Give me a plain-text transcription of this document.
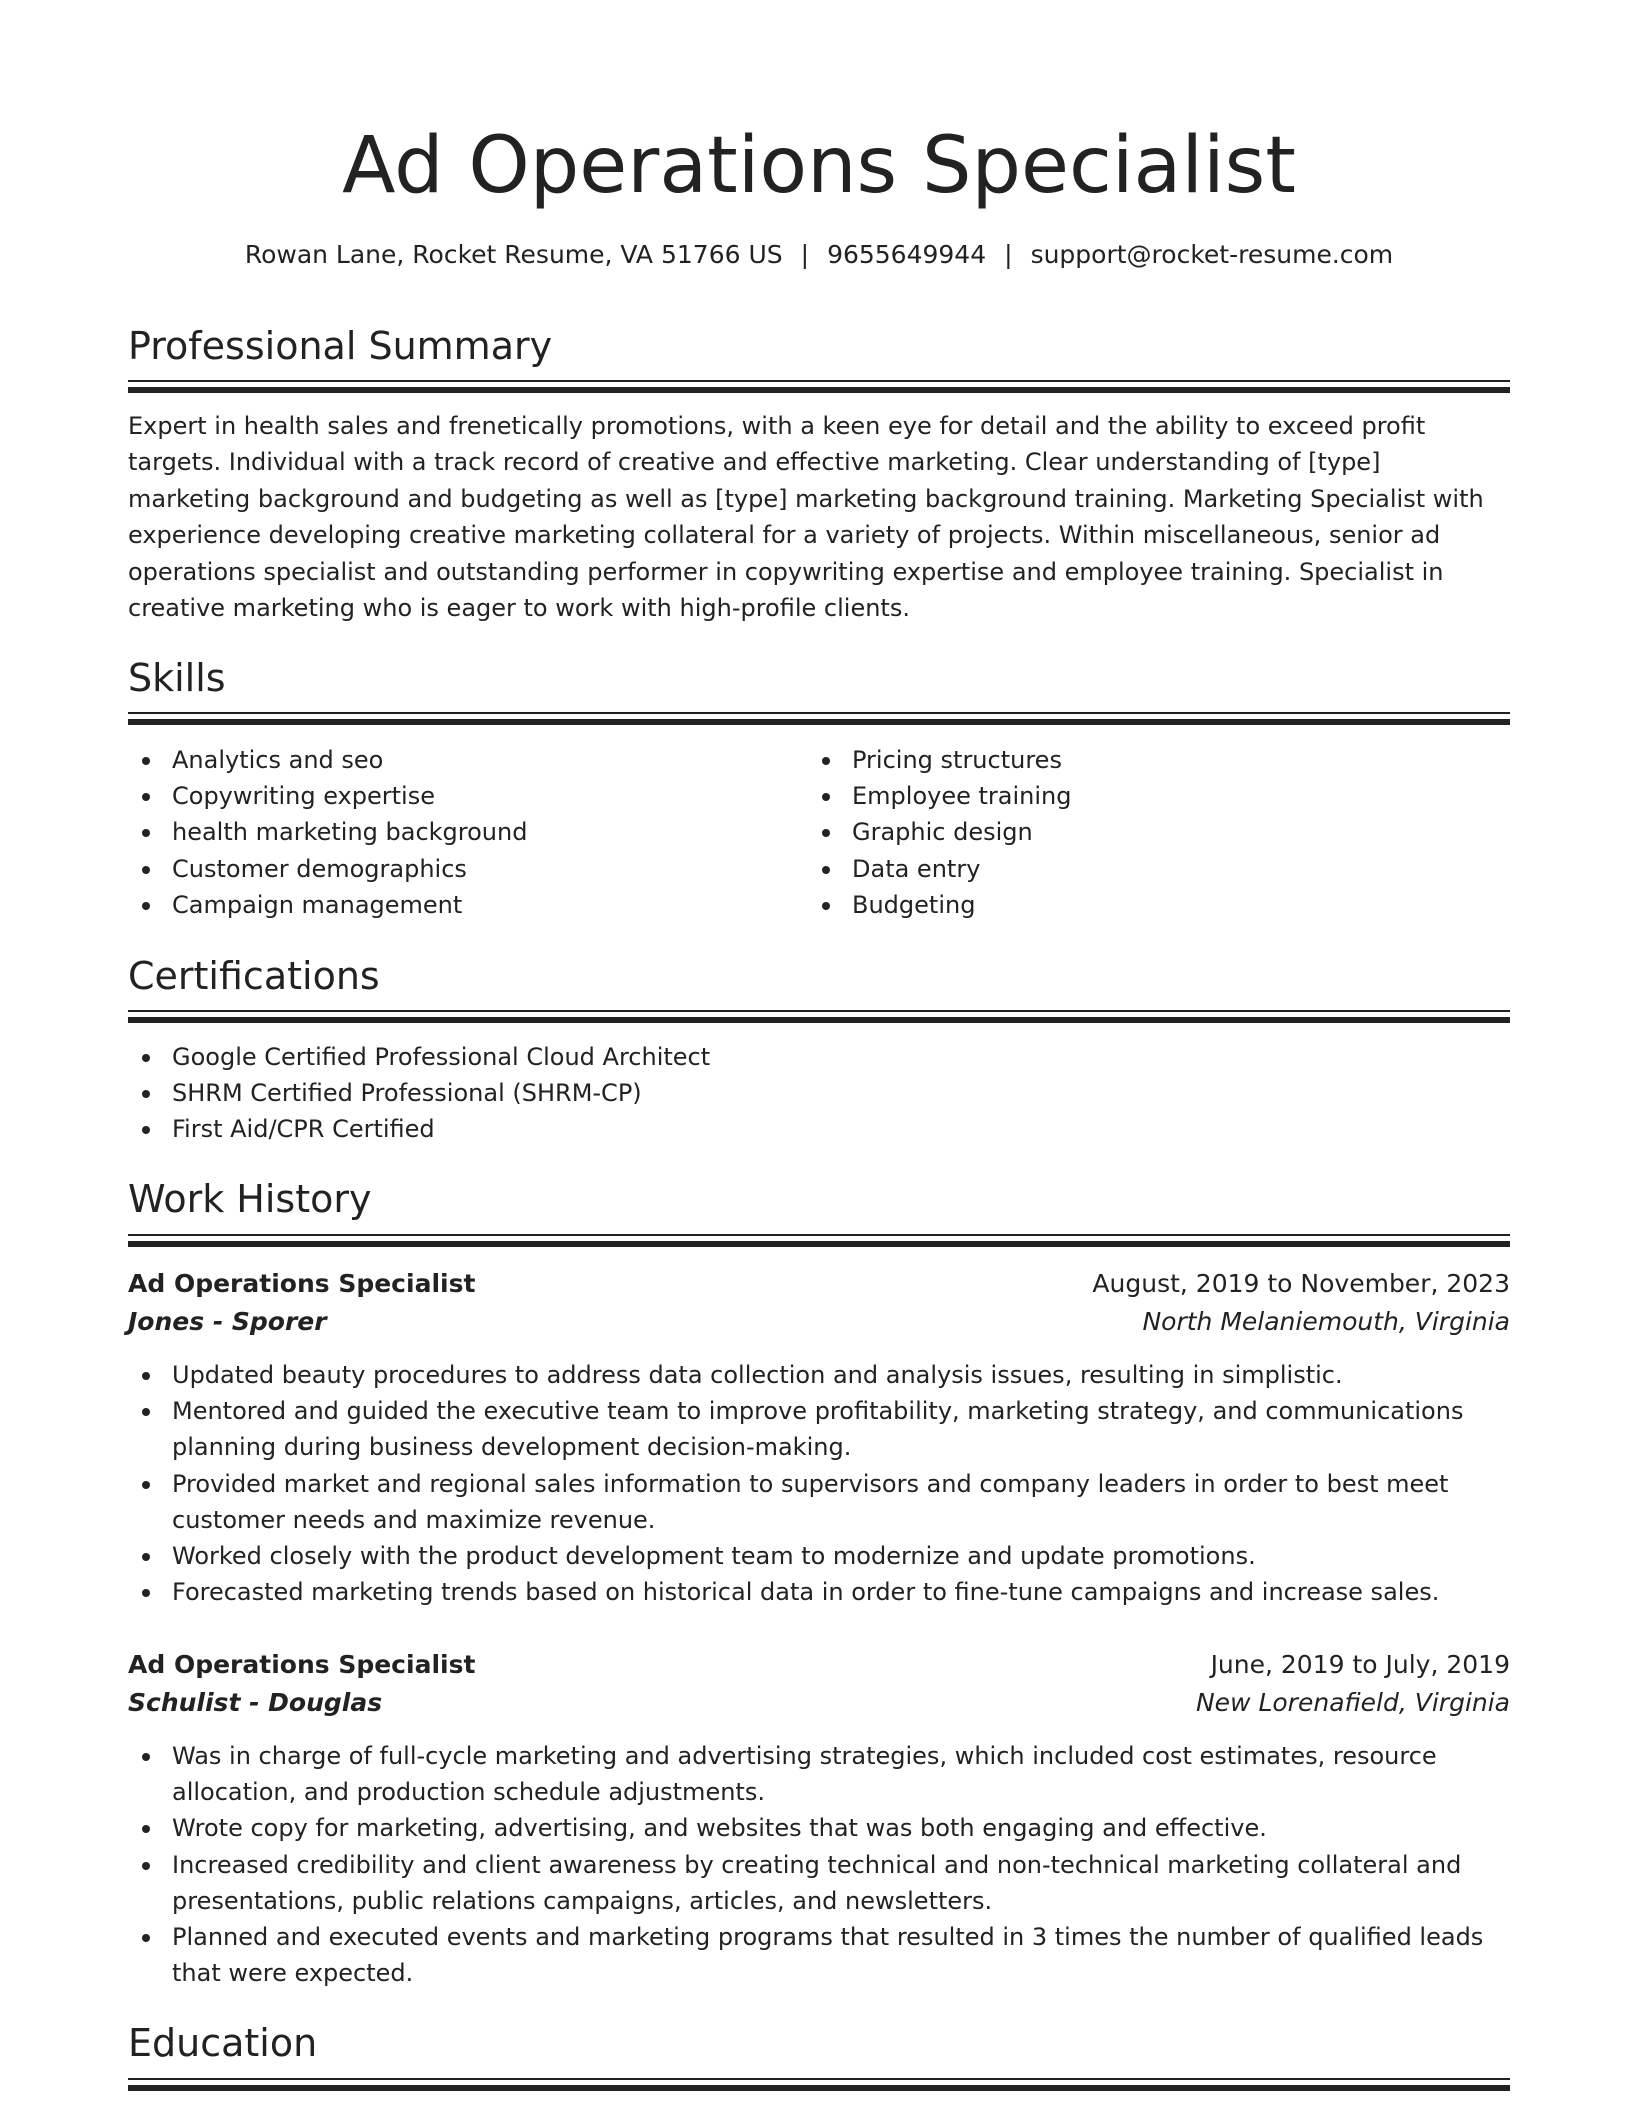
Ad Operations Specialist
Rowan Lane, Rocket Resume, VA 51766 US | 9655649944 | support@rocket-resume.com
Professional Summary

Expert in health sales and frenetically promotions, with a keen eye for detail and the ability to exceed profit targets. Individual with a track record of creative and effective marketing. Clear understanding of [type] marketing background and budgeting as well as [type] marketing background training. Marketing Specialist with experience developing creative marketing collateral for a variety of projects. Within miscellaneous, senior ad operations specialist and outstanding performer in copywriting expertise and employee training. Specialist in creative marketing who is eager to work with high-profile clients.

Skills
Analytics and seo
Copywriting expertise
health marketing background
Customer demographics
Campaign management
Pricing structures
Employee training
Graphic design
Data entry
Budgeting
Certifications
Google Certified Professional Cloud Architect
SHRM Certified Professional (SHRM-CP)
First Aid/CPR Certified
Work History
Ad Operations Specialist	August, 2019 to November, 2023
Jones - Sporer	North Melaniemouth, Virginia
Updated beauty procedures to address data collection and analysis issues, resulting in simplistic.
Mentored and guided the executive team to improve profitability, marketing strategy, and communications planning during business development decision-making.
Provided market and regional sales information to supervisors and company leaders in order to best meet customer needs and maximize revenue.
Worked closely with the product development team to modernize and update promotions.
Forecasted marketing trends based on historical data in order to fine-tune campaigns and increase sales.
Ad Operations Specialist	June, 2019 to July, 2019
Schulist - Douglas	New Lorenafield, Virginia
Was in charge of full-cycle marketing and advertising strategies, which included cost estimates, resource allocation, and production schedule adjustments.
Wrote copy for marketing, advertising, and websites that was both engaging and effective.
Increased credibility and client awareness by creating technical and non-technical marketing collateral and presentations, public relations campaigns, articles, and newsletters.
Planned and executed events and marketing programs that resulted in 3 times the number of qualified leads that were expected.
Education
